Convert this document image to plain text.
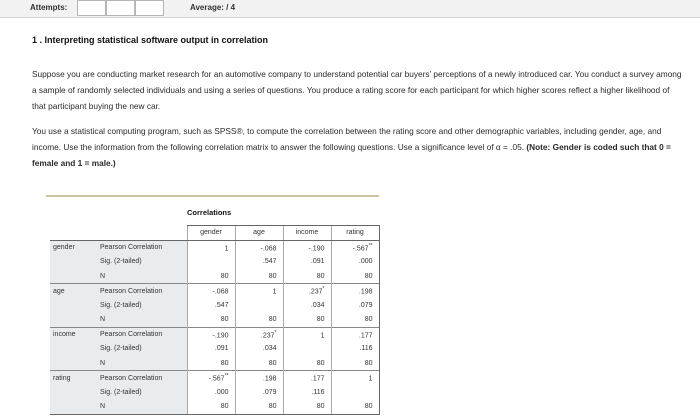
Attempts:	Average: / 4
1 . Interpreting statistical software output in correlation

Suppose you are conducting market research for an automotive company to understand potential car buyers’ perceptions of a newly introduced car. You conduct a survey among a sample of randomly selected individuals and using a series of questions. You produce a rating score for each participant for which higher scores reflect a higher likelihood of that participant buying the new car.

You use a statistical computing program, such as SPSS®, to compute the correlation between the rating score and other demographic variables, including gender, age, and income. Use the information from the following correlation matrix to answer the following questions. Use a significance level of α = .05. (Note: Gender is coded such that 0 = female and 1 = male.)

Correlations
		gender	age	income	rating
gender	Pearson Correlation	1	-.068	-.190	-.567**
	Sig. (2-tailed)		.547	.091	.000
	N	80	80	80	80
age	Pearson Correlation	-.068	1	.237*	.198
	Sig. (2-tailed)	.547		.034	.079
	N	80	80	80	80
income	Pearson Correlation	-.190	.237*	1	.177
	Sig. (2-tailed)	.091	.034		.116
	N	80	80	80	80
rating	Pearson Correlation	-.567**	.198	.177	1
	Sig. (2-tailed)	.000	.079	.116	
	N	80	80	80	80
